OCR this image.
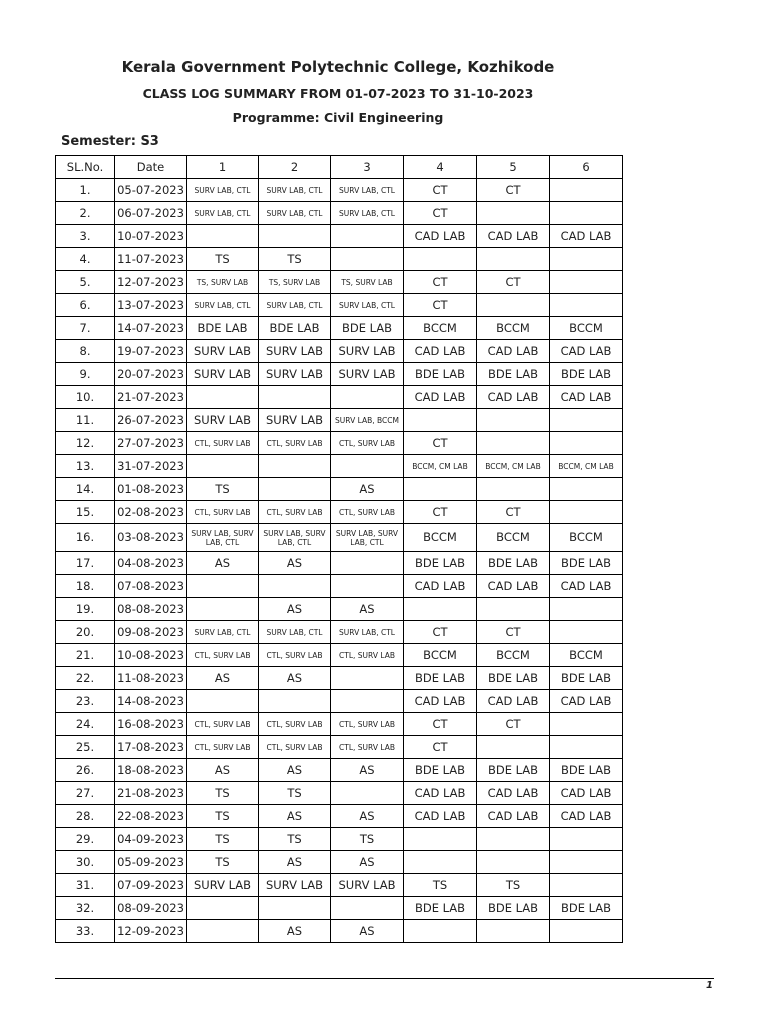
Kerala Government Polytechnic College, Kozhikode
CLASS LOG SUMMARY FROM 01-07-2023 TO 31-10-2023
Programme: Civil Engineering
Semester: S3
SL.No.	Date	1	2	3	4	5	6
1.	05-07-2023	SURV LAB, CTL	SURV LAB, CTL	SURV LAB, CTL	CT	CT	
2.	06-07-2023	SURV LAB, CTL	SURV LAB, CTL	SURV LAB, CTL	CT		
3.	10-07-2023				CAD LAB	CAD LAB	CAD LAB
4.	11-07-2023	TS	TS				
5.	12-07-2023	TS, SURV LAB	TS, SURV LAB	TS, SURV LAB	CT	CT	
6.	13-07-2023	SURV LAB, CTL	SURV LAB, CTL	SURV LAB, CTL	CT		
7.	14-07-2023	BDE LAB	BDE LAB	BDE LAB	BCCM	BCCM	BCCM
8.	19-07-2023	SURV LAB	SURV LAB	SURV LAB	CAD LAB	CAD LAB	CAD LAB
9.	20-07-2023	SURV LAB	SURV LAB	SURV LAB	BDE LAB	BDE LAB	BDE LAB
10.	21-07-2023				CAD LAB	CAD LAB	CAD LAB
11.	26-07-2023	SURV LAB	SURV LAB	SURV LAB, BCCM			
12.	27-07-2023	CTL, SURV LAB	CTL, SURV LAB	CTL, SURV LAB	CT		
13.	31-07-2023				BCCM, CM LAB	BCCM, CM LAB	BCCM, CM LAB
14.	01-08-2023	TS		AS			
15.	02-08-2023	CTL, SURV LAB	CTL, SURV LAB	CTL, SURV LAB	CT	CT	
16.	03-08-2023	SURV LAB, SURV LAB, CTL	SURV LAB, SURV LAB, CTL	SURV LAB, SURV LAB, CTL	BCCM	BCCM	BCCM
17.	04-08-2023	AS	AS		BDE LAB	BDE LAB	BDE LAB
18.	07-08-2023				CAD LAB	CAD LAB	CAD LAB
19.	08-08-2023		AS	AS			
20.	09-08-2023	SURV LAB, CTL	SURV LAB, CTL	SURV LAB, CTL	CT	CT	
21.	10-08-2023	CTL, SURV LAB	CTL, SURV LAB	CTL, SURV LAB	BCCM	BCCM	BCCM
22.	11-08-2023	AS	AS		BDE LAB	BDE LAB	BDE LAB
23.	14-08-2023				CAD LAB	CAD LAB	CAD LAB
24.	16-08-2023	CTL, SURV LAB	CTL, SURV LAB	CTL, SURV LAB	CT	CT	
25.	17-08-2023	CTL, SURV LAB	CTL, SURV LAB	CTL, SURV LAB	CT		
26.	18-08-2023	AS	AS	AS	BDE LAB	BDE LAB	BDE LAB
27.	21-08-2023	TS	TS		CAD LAB	CAD LAB	CAD LAB
28.	22-08-2023	TS	AS	AS	CAD LAB	CAD LAB	CAD LAB
29.	04-09-2023	TS	TS	TS			
30.	05-09-2023	TS	AS	AS			
31.	07-09-2023	SURV LAB	SURV LAB	SURV LAB	TS	TS	
32.	08-09-2023				BDE LAB	BDE LAB	BDE LAB
33.	12-09-2023		AS	AS			
1
